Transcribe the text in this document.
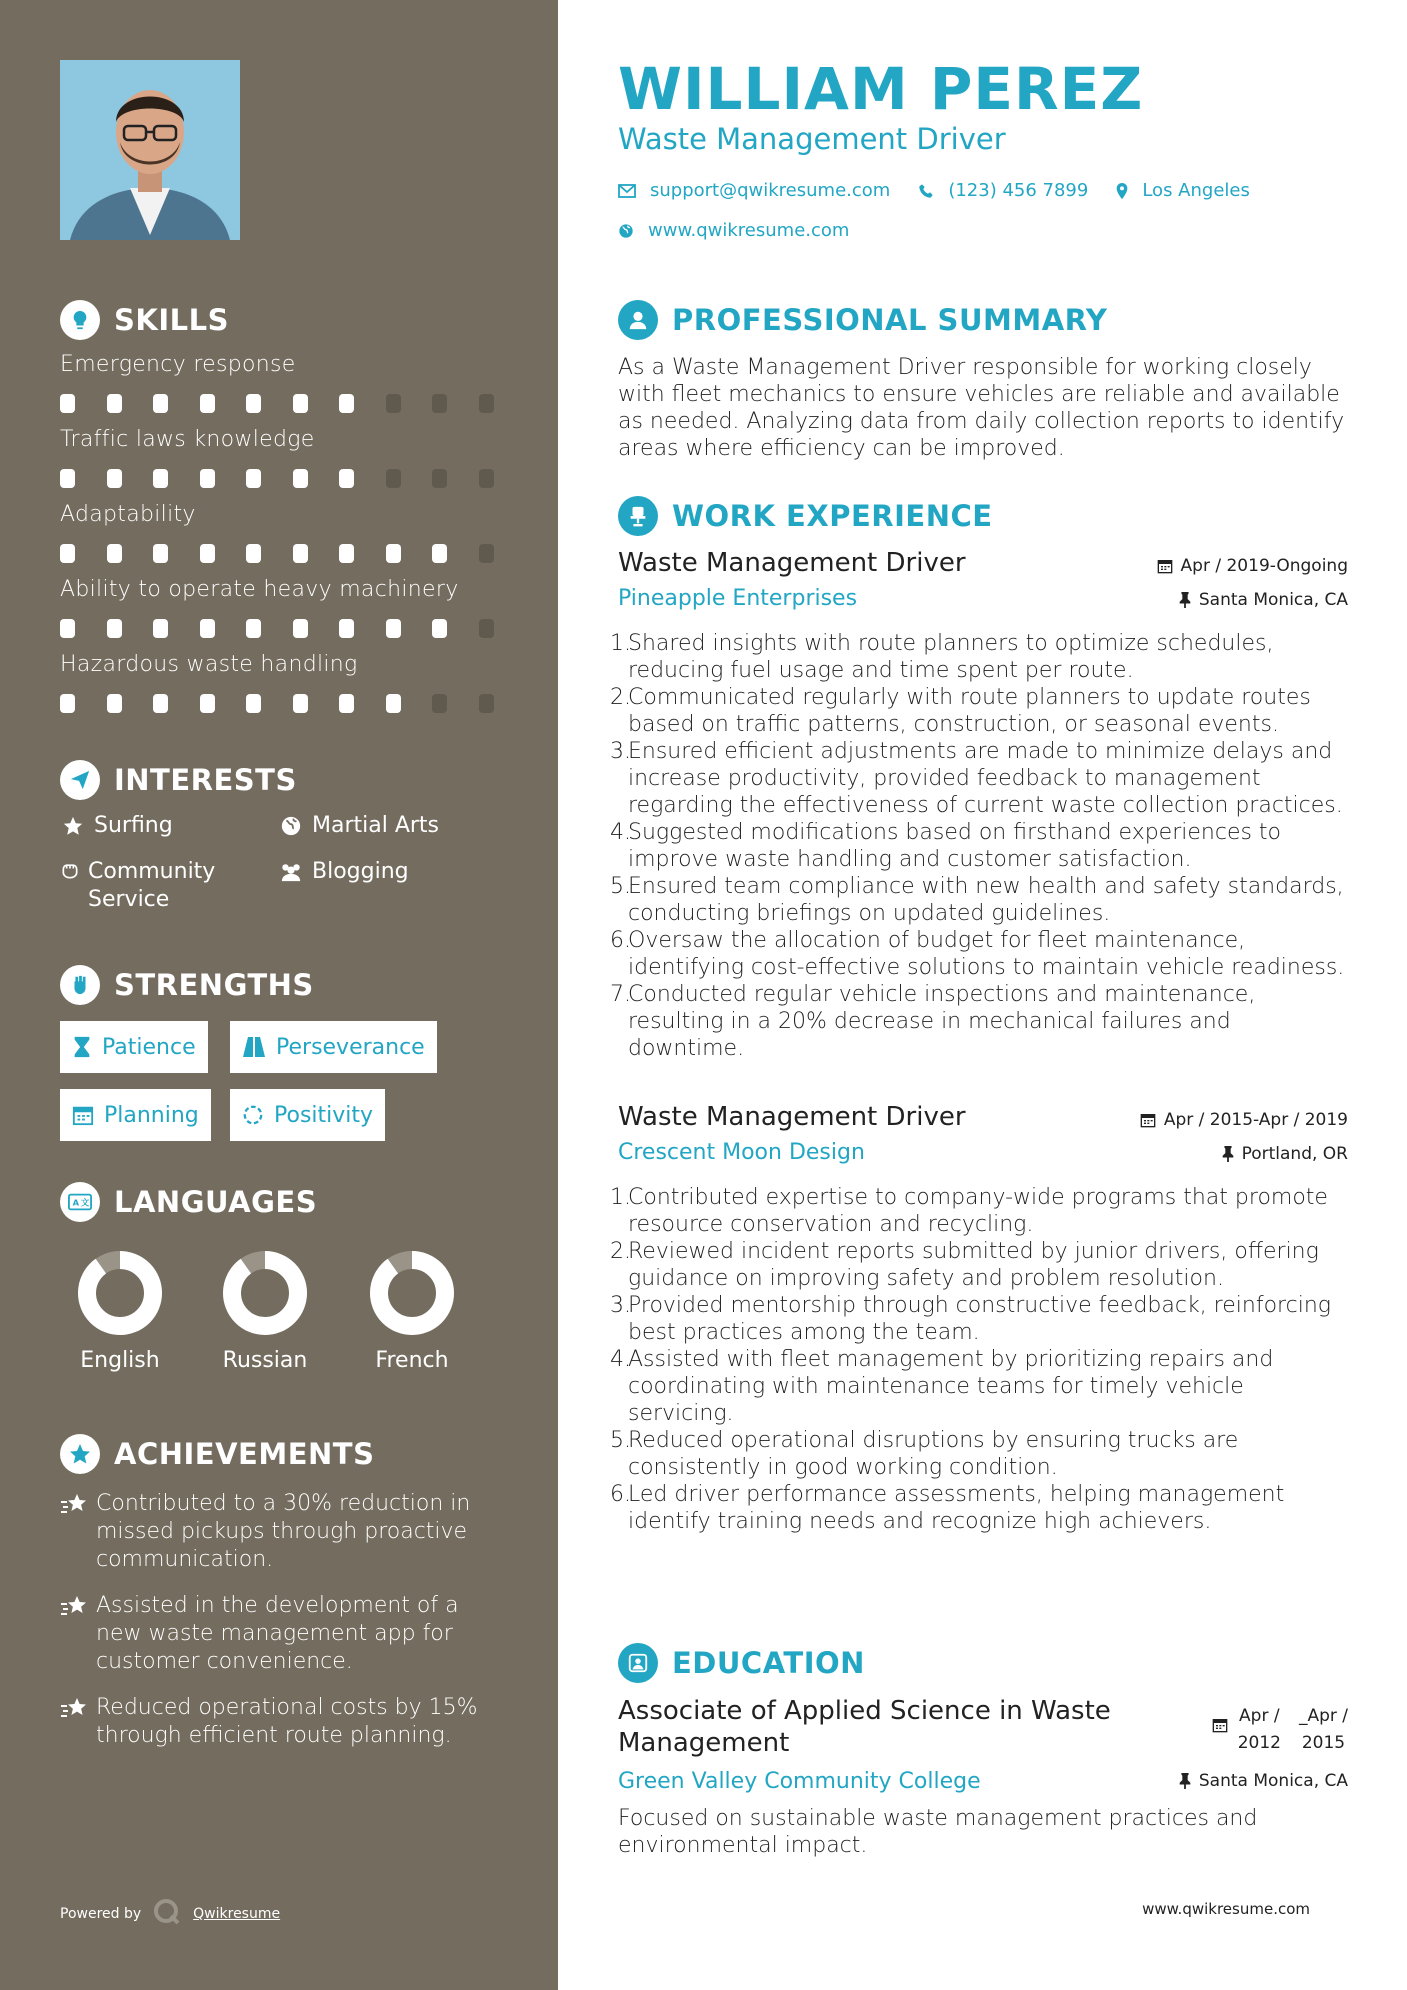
SKILLS
Emergency response
Traffic laws knowledge
Adaptability
Ability to operate heavy machinery
Hazardous waste handling
INTERESTS
Surfing	Martial Arts
Community Service
Blogging
STRENGTHS
Patience	Perseverance
Planning	Positivity
A 文 LANGUAGES
English	Russian	French
ACHIEVEMENTS
Contributed to a 30% reduction in missed pickups through proactive communication.
Assisted in the development of a new waste management app for customer convenience.
Reduced operational costs by 15% through efficient route planning.
Powered by	Qwikresume
WILLIAM PEREZ
Waste Management Driver
support@qwikresume.com	(123) 456 7899	Los Angeles
www.qwikresume.com
PROFESSIONAL SUMMARY

As a Waste Management Driver responsible for working closely with fleet mechanics to ensure vehicles are reliable and available as needed. Analyzing data from daily collection reports to identify areas where efficiency can be improved.

WORK EXPERIENCE
Waste Management Driver
Pineapple Enterprises
Apr / 2019-Ongoing
Santa Monica, CA
1.
Shared insights with route planners to optimize schedules, reducing fuel usage and time spent per route.
2.
Communicated regularly with route planners to update routes based on traffic patterns, construction, or seasonal events.
3.
Ensured efficient adjustments are made to minimize delays and increase productivity, provided feedback to management regarding the effectiveness of current waste collection practices.
4.
Suggested modifications based on firsthand experiences to improve waste handling and customer satisfaction.
5.
Ensured team compliance with new health and safety standards, conducting briefings on updated guidelines.
6.
Oversaw the allocation of budget for fleet maintenance, identifying cost-effective solutions to maintain vehicle readiness.
7.
Conducted regular vehicle inspections and maintenance, resulting in a 20% decrease in mechanical failures and downtime.
Waste Management Driver
Crescent Moon Design
Apr / 2015-Apr / 2019
Portland, OR
1.
Contributed expertise to company-wide programs that promote resource conservation and recycling.
2.
Reviewed incident reports submitted by junior drivers, offering guidance on improving safety and problem resolution.
3.
Provided mentorship through constructive feedback, reinforcing best practices among the team.
4.
Assisted with fleet management by prioritizing repairs and coordinating with maintenance teams for timely vehicle servicing.
5.
Reduced operational disruptions by ensuring trucks are consistently in good working condition.
6.
Led driver performance assessments, helping management identify training needs and recognize high achievers.
EDUCATION
Associate of Applied Science in Waste Management
Apr /
2012
_Apr /
2015
Green Valley Community College	Santa Monica, CA

Focused on sustainable waste management practices and environmental impact.

www.qwikresume.com
